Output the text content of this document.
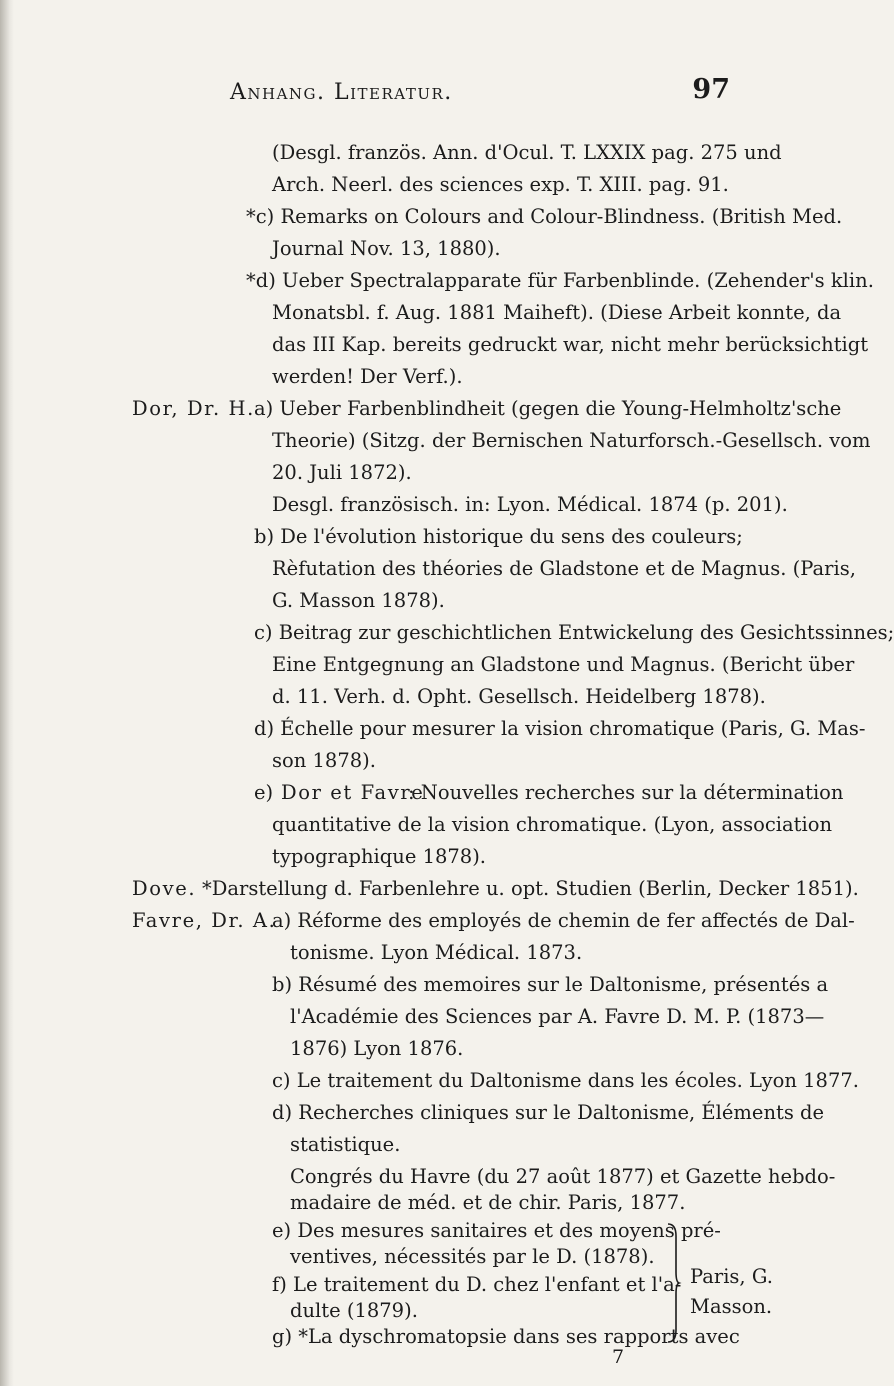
Anhang. Literatur.	97
(Desgl. französ. Ann. d'Ocul. T. LXXIX pag. 275 und
Arch. Neerl. des sciences exp. T. XIII. pag. 91.
*c) Remarks on Colours and Colour-Blindness. (British Med.
Journal Nov. 13, 1880).
*d) Ueber Spectralapparate für Farbenblinde. (Zehender's klin.
Monatsbl. f. Aug. 1881 Maiheft). (Diese Arbeit konnte, da
das III Kap. bereits gedruckt war, nicht mehr berücksichtigt
werden! Der Verf.).
Dor, Dr. H. a) Ueber Farbenblindheit (gegen die Young-Helmholtz'sche
Theorie) (Sitzg. der Bernischen Naturforsch.-Gesellsch. vom
20. Juli 1872).
Desgl. französisch. in: Lyon. Médical. 1874 (p. 201).
b) De l'évolution historique du sens des couleurs;
Rèfutation des théories de Gladstone et de Magnus. (Paris,
G. Masson 1878).
c) Beitrag zur geschichtlichen Entwickelung des Gesichtssinnes;
Eine Entgegnung an Gladstone und Magnus. (Bericht über
d. 11. Verh. d. Opht. Gesellsch. Heidelberg 1878).
d) Échelle pour mesurer la vision chromatique (Paris, G. Mas-
son 1878).
e) Dor et Favre
: Nouvelles recherches sur la détermination
quantitative de la vision chromatique. (Lyon, association
typographique 1878).
Dove. *Darstellung d. Farbenlehre u. opt. Studien (Berlin, Decker 1851).
Favre, Dr. A.
a) Réforme des employés de chemin de fer affectés de Dal-
tonisme. Lyon Médical. 1873.
b) Résumé des memoires sur le Daltonisme, présentés a
l'Académie des Sciences par A. Favre D. M. P. (1873—
1876) Lyon 1876.
c) Le traitement du Daltonisme dans les écoles. Lyon 1877.
d) Recherches cliniques sur le Daltonisme, Éléments de
statistique.
Congrés du Havre (du 27 août 1877) et Gazette hebdo-
madaire de méd. et de chir. Paris, 1877.
e) Des mesures sanitaires et des moyens pré-
ventives, nécessités par le D. (1878).
f) Le traitement du D. chez l'enfant et l'a-
dulte (1879).
g) *La dyschromatopsie dans ses rapports avec
Paris, G.
Masson.
7
